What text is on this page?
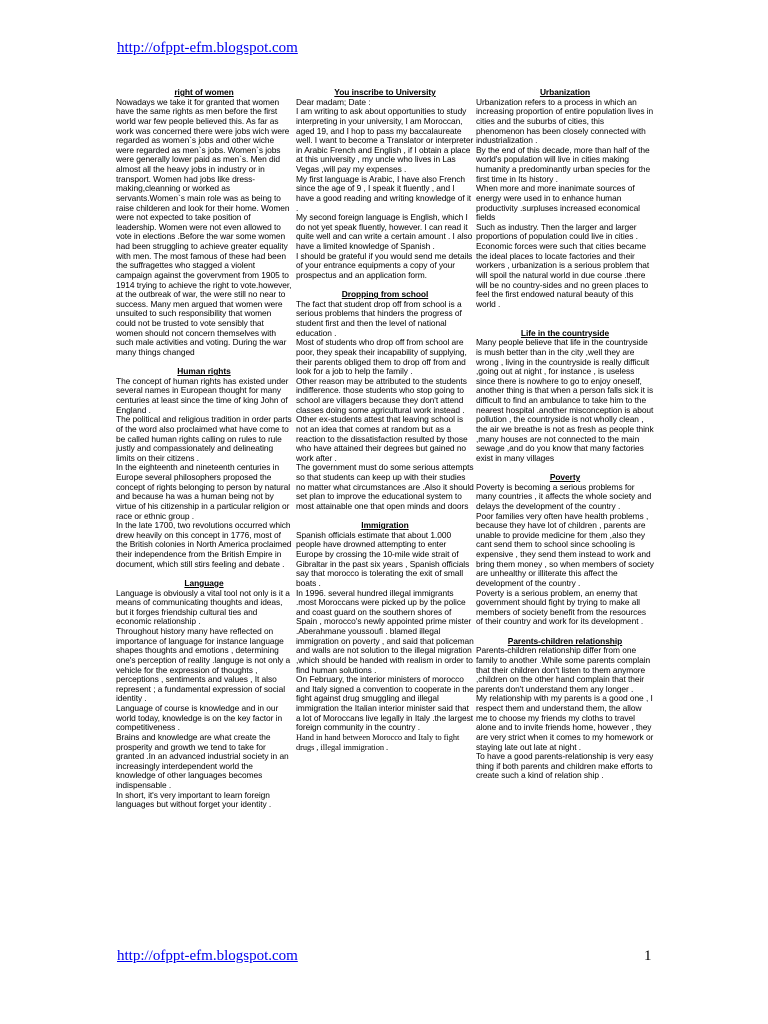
http://ofppt-efm.blogspot.com

right of women

Nowadays we take it for granted that women have the same rights as men before the first world war few people believed this. As far as work was concerned there were jobs wich were regarded as women`s jobs and other wiche were regarded as men`s jobs. Women`s jobs were generally lower paid as men`s. Men did almost all the heavy jobs in industry or in transport. Women had jobs like dress-making,cleanning or worked as servants.Women`s main role was as being to raise childeren and look for their home. Women were not expected to take position of leadership. Women were not even allowed to vote in elections .Before the war some women had been struggling to achieve greater equality with men. The most famous of these had been the suffragettes who stagged a violent campaign against the govervment from 1905 to 1914 trying to achieve the right to vote.however, at the outbreak of war, the were still no near to success. Many men argued that women were unsuited to such responsibility that women could not be trusted to vote sensibly that women should not concern themselves with such male activities and voting. During the war many things changed

Human rights

The concept of human rights has existed under several names in European thought for many centuries at least since the time of king John of England .

The political and religious tradition in order parts of the word also proclaimed what have come to be called human rights calling on rules to rule justly and compassionately and delineating limits on their citizens .

In the eighteenth and nineteenth centuries in Europe several philosophers proposed the concept of rights belonging to person by natural and because ha was a human being not by virtue of his citizenship in a particular religion or race or ethnic group .

In the late 1700, two revolutions occurred which drew heavily on this concept in 1776, most of the British colonies in North America proclaimed their independence from the British Empire in document, which still stirs feeling and debate .

Language

Language is obviously a vital tool not only is it a means of communicating thoughts and ideas, but it forges friendship cultural ties and economic relationship .

Throughout history many have reflected on importance of language for instance language shapes thoughts and emotions , determining one's perception of reality .languge is not only a vehicle for the expression of thoughts , perceptions , sentiments and values , It also represent ; a fundamental expression of social identity .

Language of course is knowledge and in our world today, knowledge is on the key factor in competitiveness .

Brains and knowledge are what create the prosperity and growth we tend to take for granted .In an advanced industrial society in an increasingly interdependent world the knowledge of other languages becomes indispensable .

In short, it's very important to learn foreign languages but without forget your identity .

You inscribe to University

Dear madam; Date :

I am writing to ask about opportunities to study interpreting in your university, I am Moroccan, aged 19, and I hop to pass my baccalaureate well. I want to become a Translator or interpreter in Arabic French and English , if I obtain a place at this university , my uncle who lives in Las Vegas ,will pay my expenses .

My first language is Arabic, I have also French since the age of 9 , I speak it fluently , and I have a good reading and writing knowledge of it .

My second foreign language is English, which I do not yet speak fluently, however. I can read it quite well and can write a certain amount . I also have a limited knowledge of Spanish .

I should be grateful if you would send me details of your entrance equipments a copy of your prospectus and an application form.

Dropping from school

The fact that student drop off from school is a serious problems that hinders the progress of student first and then the level of national education .

Most of students who drop off from school are poor, they speak their incapability of supplying, their parents obliged them to drop off from and look for a job to help the family .

Other reason may be attributed to the students indifference. those students who stop going to school are villagers because they don't attend classes doing some agricultural work instead .

Other ex-students attest that leaving school is not an idea that comes at random but as a reaction to the dissatisfaction resulted by those who have attained their degrees but gained no work after .

The government must do some serious attempts so that students can keep up with their studies no matter what circumstances are .Also it should set plan to improve the educational system to most attainable one that open minds and doors

Immigration

Spanish officials estimate that about 1.000 people have drowned attempting to enter Europe by crossing the 10-mile wide strait of Gibraltar in the past six years , Spanish officials say that morocco is tolerating the exit of small boats .

In 1996. several hundred illegal immigrants .most Moroccans were picked up by the police and coast guard on the southern shores of Spain , morocco's newly appointed prime mister .Aberahmane youssoufi . blamed illegal immigration on poverty , and said that policeman and walls are not solution to the illegal migration ,which should be handed with realism in order to find human solutions .

On February, the interior ministers of morocco and Italy signed a convention to cooperate in the fight against drug smuggling and illegal immigration the Italian interior minister said that a lot of Moroccans live legally in Italy .the largest foreign community in the country .

Hand in hand between Morocco and Italy to fight drugs , illegal immigration .

Urbanization

Urbanization refers to a process in which an increasing proportion of entire population lives in cities and the suburbs of cities, this phenomenon has been closely connected with industrialization .

By the end of this decade, more than half of the world's population will live in cities making humanity a predominantly urban species for the first time in Its history .

When more and more inanimate sources of energy were used in to enhance human productivity .surpluses increased economical fields

Such as industry. Then the larger and larger proportions of population could live in cities .

Economic forces were such that cities became the ideal places to locate factories and their workers , urbanization is a serious problem that will spoil the natural world in due course .there will be no country-sides and no green places to feel the first endowed natural beauty of this world .

Life in the countryside

Many people believe that life in the countryside is mush better than in the city ,well they are wrong , living in the countryside is really difficult ,going out at night , for instance , is useless since there is nowhere to go to enjoy oneself, another thing is that when a person falls sick it is difficult to find an ambulance to take him to the nearest hospital .another misconception is about pollution , the countryside is not wholly clean , the air we breathe is not as fresh as people think ,many houses are not connected to the main sewage ,and do you know that many factories exist in many villages

Poverty

Poverty is becoming a serious problems for many countries , it affects the whole society and delays the development of the country .

Poor families very often have health problems , because they have lot of children , parents are unable to provide medicine for them ,also they cant send them to school since schooling is expensive , they send them instead to work and bring them money , so when members of society are unhealthy or illiterate this affect the development of the country .

Poverty is a serious problem, an enemy that government should fight by trying to make all members of society benefit from the resources of their country and work for its development .

Parents-children relationship

Parents-children relationship differ from one family to another .While some parents complain that their children don't listen to them anymore ,children on the other hand complain that their parents don't understand them any longer .

My relationship with my parents is a good one , I respect them and understand them, the allow me to choose my friends my cloths to travel alone and to invite friends home, however , they are very strict when it comes to my homework or staying late out late at night .

To have a good parents-relationship is very easy thing if both parents and children make efforts to create such a kind of relation ship .

http://ofppt-efm.blogspot.com	1
